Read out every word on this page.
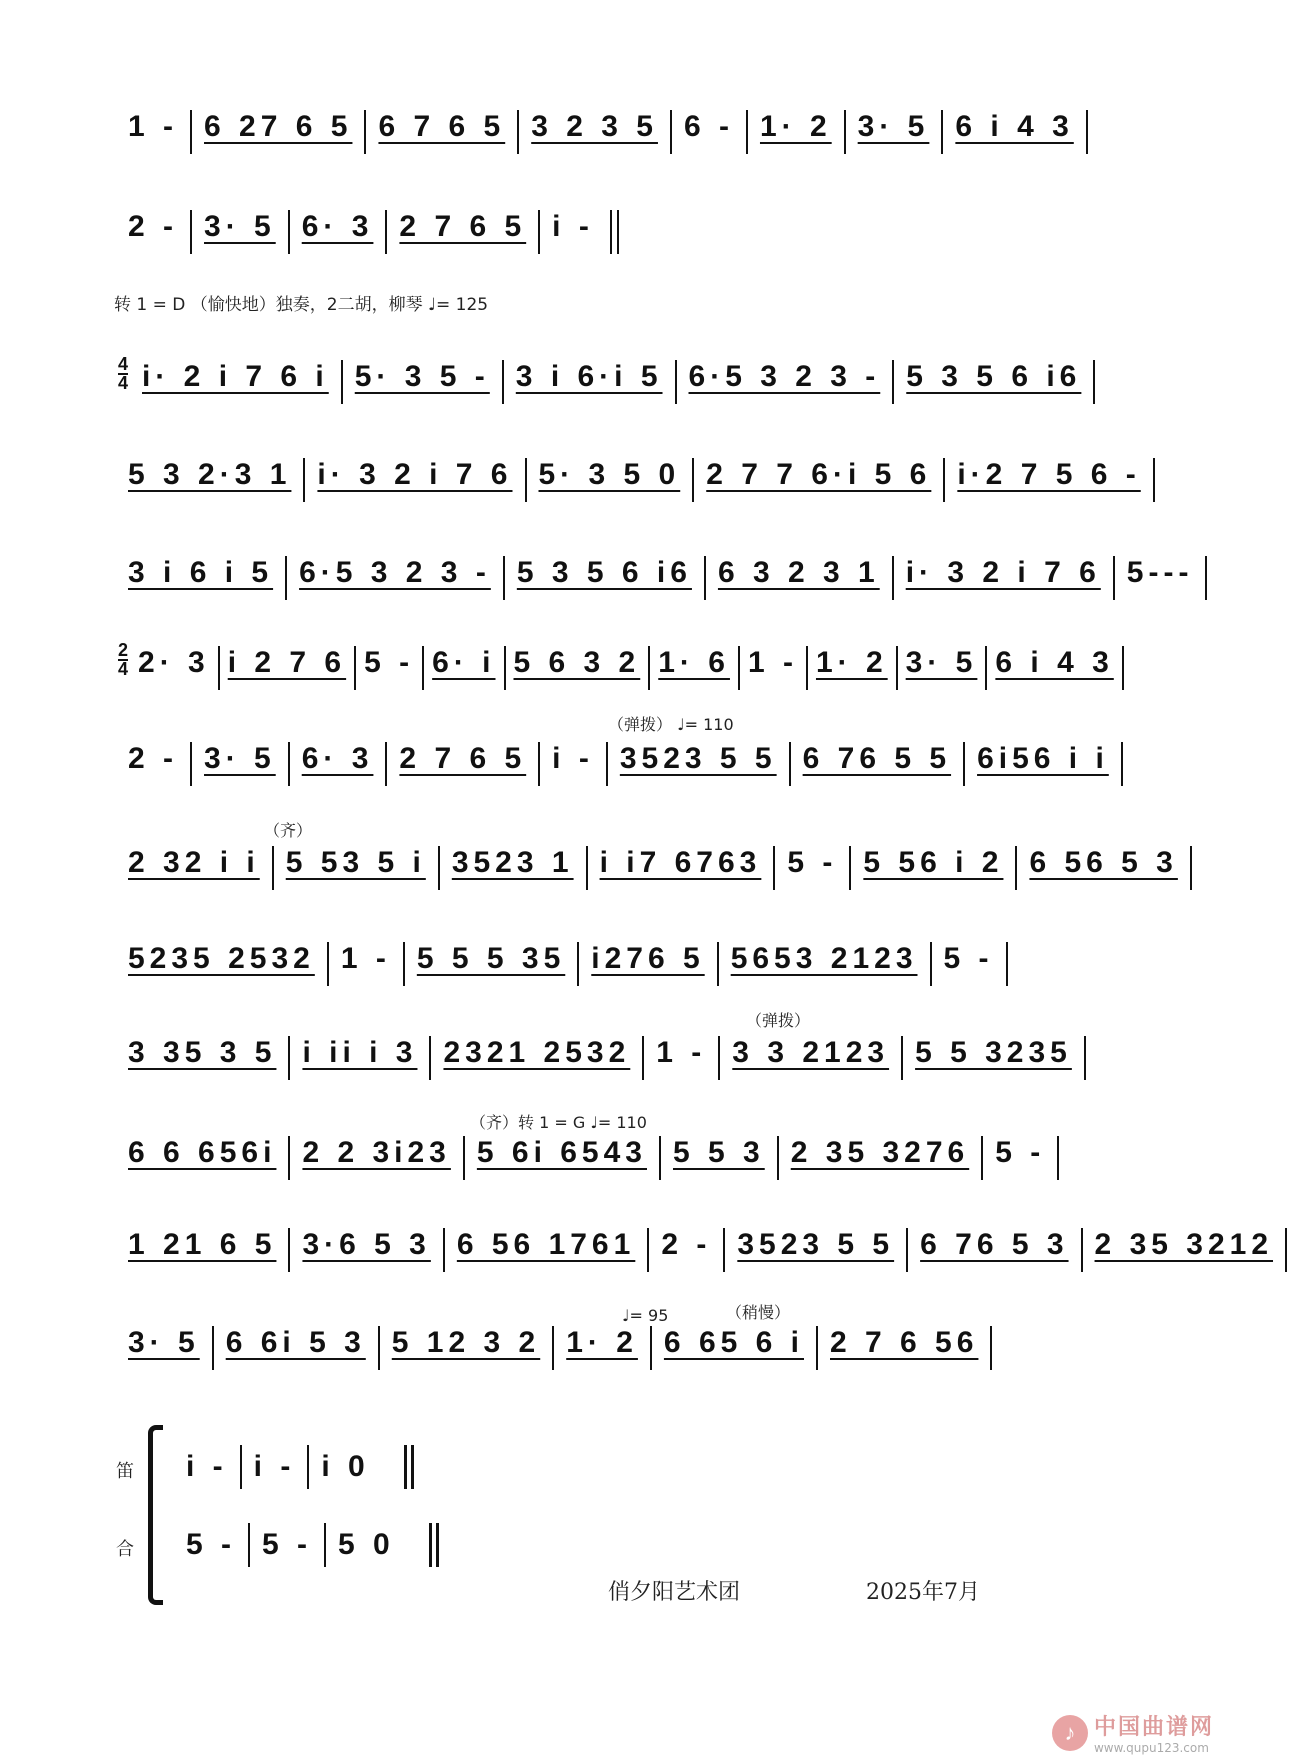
1 - 6 27 6 5 6 7 6 5 3 2 3 5 6 - 1· 2 3· 5 6 i 4 3
2 - 3· 5 6· 3 2 7 6 5 i -
转 1 = D （愉快地）独奏，2二胡，柳琴 ♩= 125
4
4 i· 2 i 7 6 i 5· 3 5 - 3 i 6·i 5 6·5 3 2 3 - 5 3 5 6 i6
5 3 2·3 1 i· 3 2 i 7 6 5· 3 5 0 2 7 7 6·i 5 6 i·2 7 5 6 -
3 i 6 i 5 6·5 3 2 3 - 5 3 5 6 i6 6 3 2 3 1 i· 3 2 i 7 6 5---
2
4 2· 3 i 2 7 6 5 - 6· i 5 6 3 2 1· 6 1 - 1· 2 3· 5 6 i 4 3
（弹拨） ♩= 110
2 - 3· 5 6· 3 2 7 6 5 i - 3523 5 5 6 76 5 5 6i56 i i
（齐）
2 32 i i 5 53 5 i 3523 1 i i7 6763 5 - 5 56 i 2 6 56 5 3
5235 2532 1 - 5 5 5 35 i276 5 5653 2123 5 -
（弹拨）
3 35 3 5 i ii i 3 2321 2532 1 - 3 3 2123 5 5 3235
（齐）转 1 = G ♩= 110
6 6 656i 2 2 3i23 5 6i 6543 5 5 3 2 35 3276 5 -
1 21 6 5 3·6 5 3 6 56 1761 2 - 3523 5 5 6 76 5 3 2 35 3212
♩= 95	（稍慢）
3· 5 6 6i 5 3 5 12 3 2 1· 2 6 65 6 i 2 7 6 56
笛	i - i - i 0
合	5 - 5 - 5 0
俏夕阳艺术团	2025年7月
♪ 中国曲谱网
www.qupu123.com
